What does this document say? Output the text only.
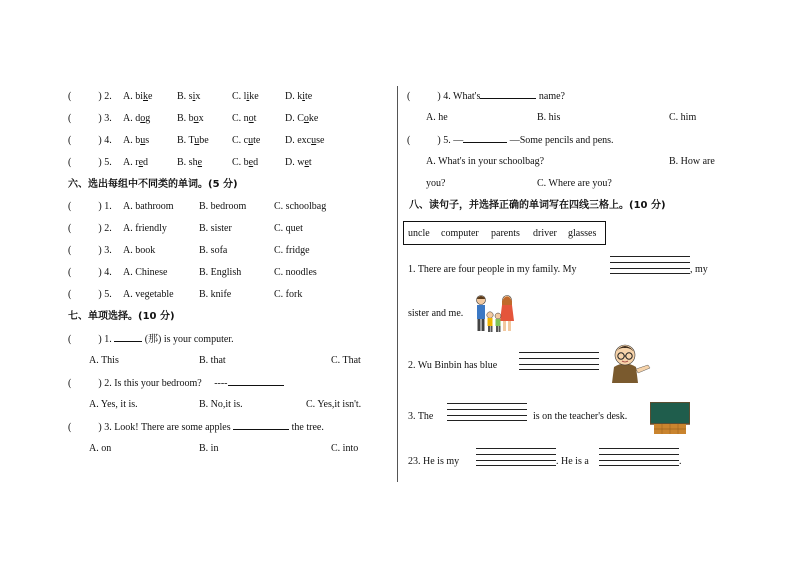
(	) 2. A. bike B. six	C. like	D. kite
(	) 3. A. dog	B. box	C. not	D. Coke
(	) 4. A. bus	B. Tube C. cute D. excuse
(	) 5. A. red	B. she	C. bed	D. wet
六、选出每组中不同类的单词。(5 分)
(	) 1. A. bathroom	B. bedroom	C. schoolbag
(	) 2. A. friendly	B. sister	C. quet
(	) 3. A. book	B. sofa	C. fridge
(	) 4. A. Chinese	B. English	C. noodles
(	) 5. A. vegetable	B. knife	C. fork
七、单项选择。(10 分)
(	) 1.	(那) is your computer.
A. This	B. that	C. That
(	) 2. Is this your bedroom? ----
A. Yes, it is.	B. No,it is.	C. Yes,it isn't.
(	) 3. Look! There are some apples	the tree.
A. on	B. in	C. into
(	) 4. What's	name?
A. he	B. his	C. him
(	) 5. —	—Some pencils and pens.
A. What's in your schoolbag?	B. How are
you?	C. Where are you?
八、读句子，并选择正确的单词写在四线三格上。(10 分)
uncle computer parents driver glasses
1. There are four people in my family. My	, my
sister and me.
2. Wu Binbin has blue
3. The	is on the teacher's desk.
23. He is my	. He is a	.
